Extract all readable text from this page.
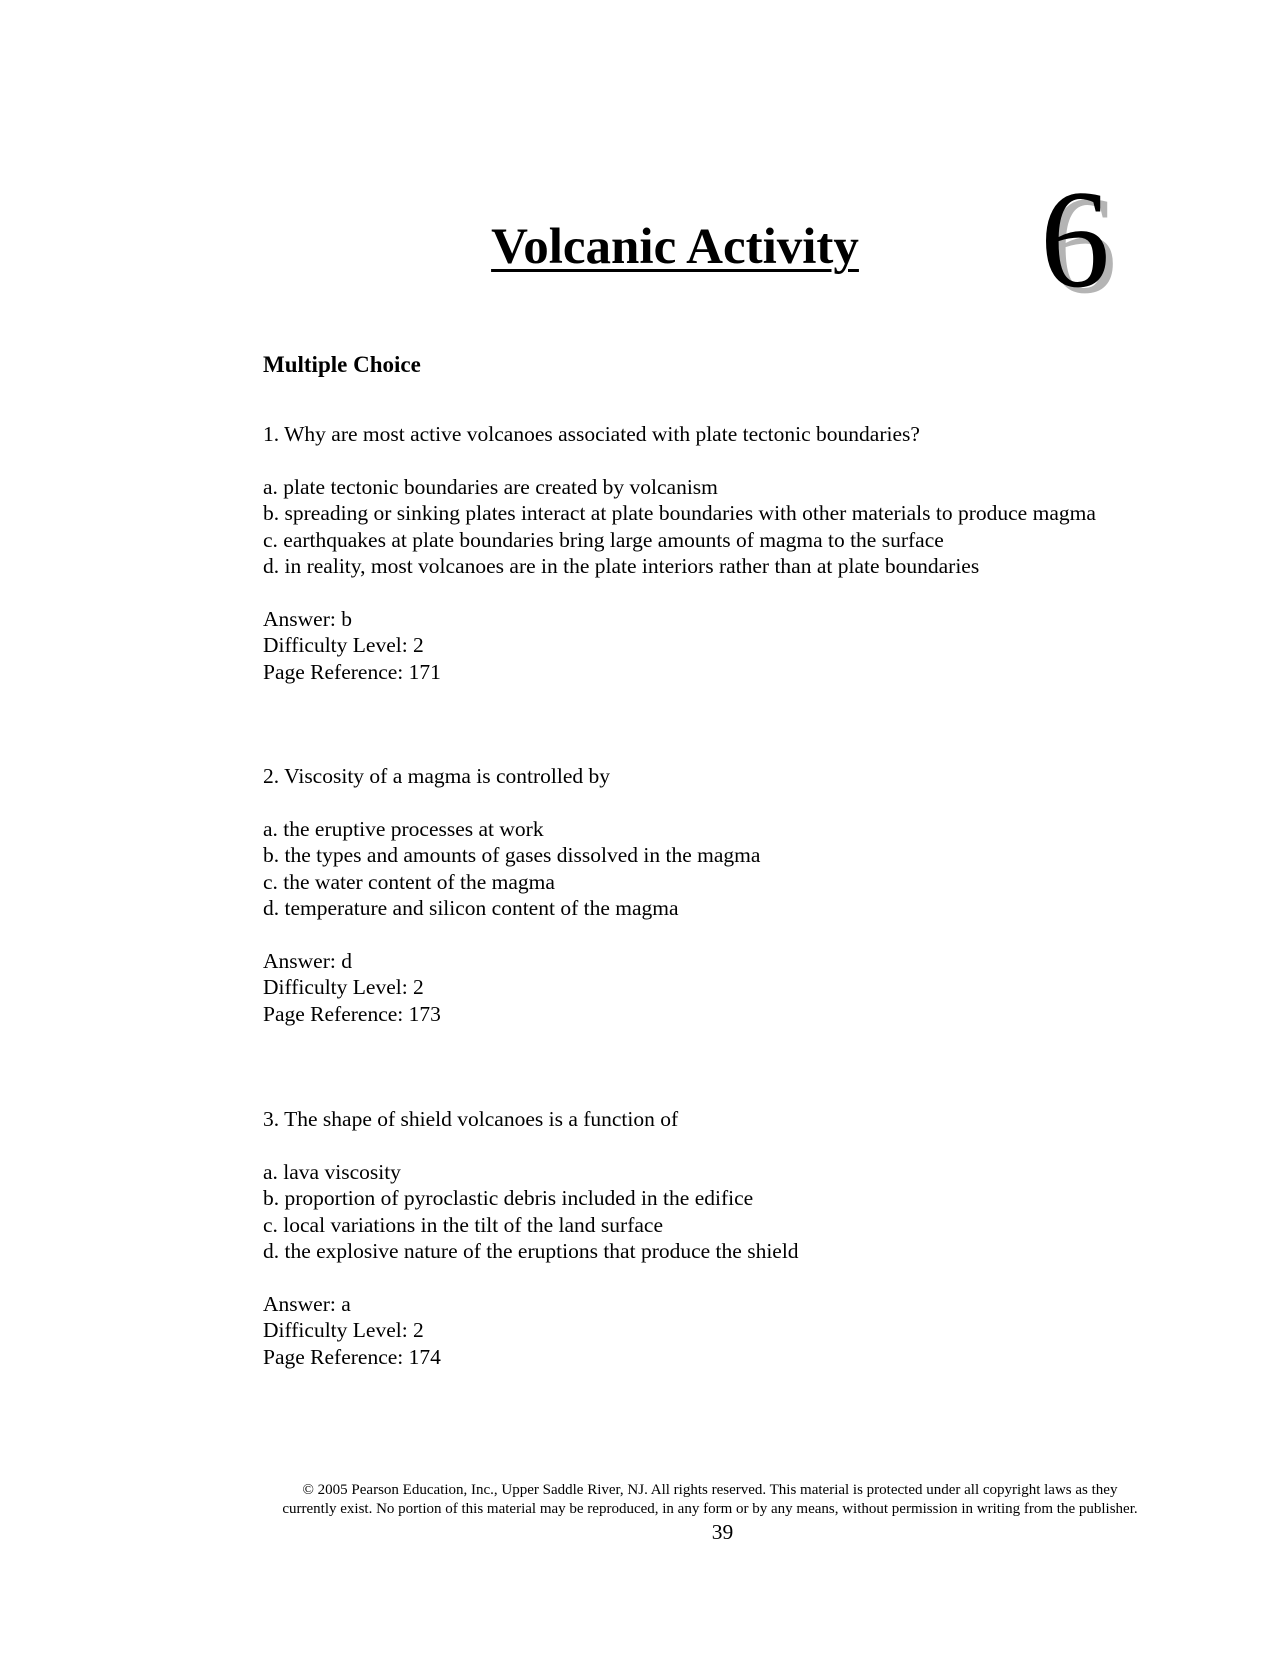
Volcanic Activity	6
Multiple Choice

1. Why are most active volcanoes associated with plate tectonic boundaries?

a. plate tectonic boundaries are created by volcanism
b. spreading or sinking plates interact at plate boundaries with other materials to produce magma
c. earthquakes at plate boundaries bring large amounts of magma to the surface
d. in reality, most volcanoes are in the plate interiors rather than at plate boundaries
Answer: b
Difficulty Level: 2
Page Reference: 171

2. Viscosity of a magma is controlled by

a. the eruptive processes at work
b. the types and amounts of gases dissolved in the magma
c. the water content of the magma
d. temperature and silicon content of the magma
Answer: d
Difficulty Level: 2
Page Reference: 173

3. The shape of shield volcanoes is a function of

a. lava viscosity
b. proportion of pyroclastic debris included in the edifice
c. local variations in the tilt of the land surface
d. the explosive nature of the eruptions that produce the shield
Answer: a
Difficulty Level: 2
Page Reference: 174
© 2005 Pearson Education, Inc., Upper Saddle River, NJ. All rights reserved. This material is protected under all copyright laws as they
currently exist. No portion of this material may be reproduced, in any form or by any means, without permission in writing from the publisher.
39
